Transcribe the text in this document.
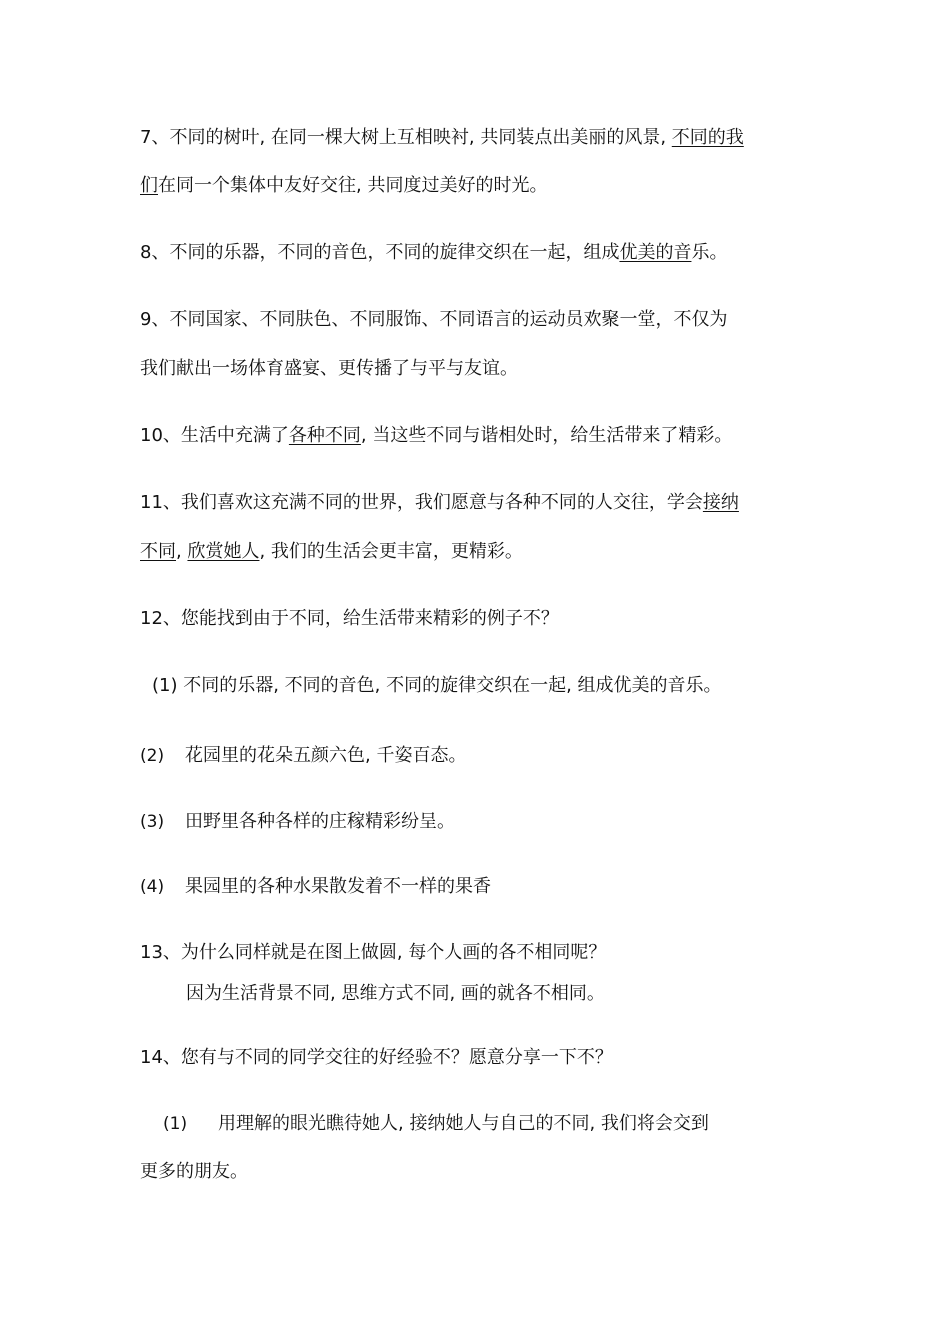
7、不同的树叶, 在同一棵大树上互相映衬, 共同装点出美丽的风景, 不同的我
们在同一个集体中友好交往, 共同度过美好的时光。
8、不同的乐器，不同的音色，不同的旋律交织在一起，组成优美的音乐。
9、不同国家、不同肤色、不同服饰、不同语言的运动员欢聚一堂，不仅为
我们献出一场体育盛宴、更传播了与平与友谊。
10、生活中充满了各种不同, 当这些不同与谐相处时，给生活带来了精彩。
11、我们喜欢这充满不同的世界，我们愿意与各种不同的人交往，学会接纳
不同, 欣赏她人, 我们的生活会更丰富，更精彩。
12、您能找到由于不同，给生活带来精彩的例子不？
(1) 不同的乐器, 不同的音色, 不同的旋律交织在一起, 组成优美的音乐。
(2) 花园里的花朵五颜六色, 千姿百态。
(3) 田野里各种各样的庄稼精彩纷呈。
(4) 果园里的各种水果散发着不一样的果香
13、为什么同样就是在图上做圆, 每个人画的各不相同呢？
因为生活背景不同, 思维方式不同, 画的就各不相同。
14、您有与不同的同学交往的好经验不？愿意分享一下不？
(1) 用理解的眼光瞧待她人, 接纳她人与自己的不同, 我们将会交到
更多的朋友。
